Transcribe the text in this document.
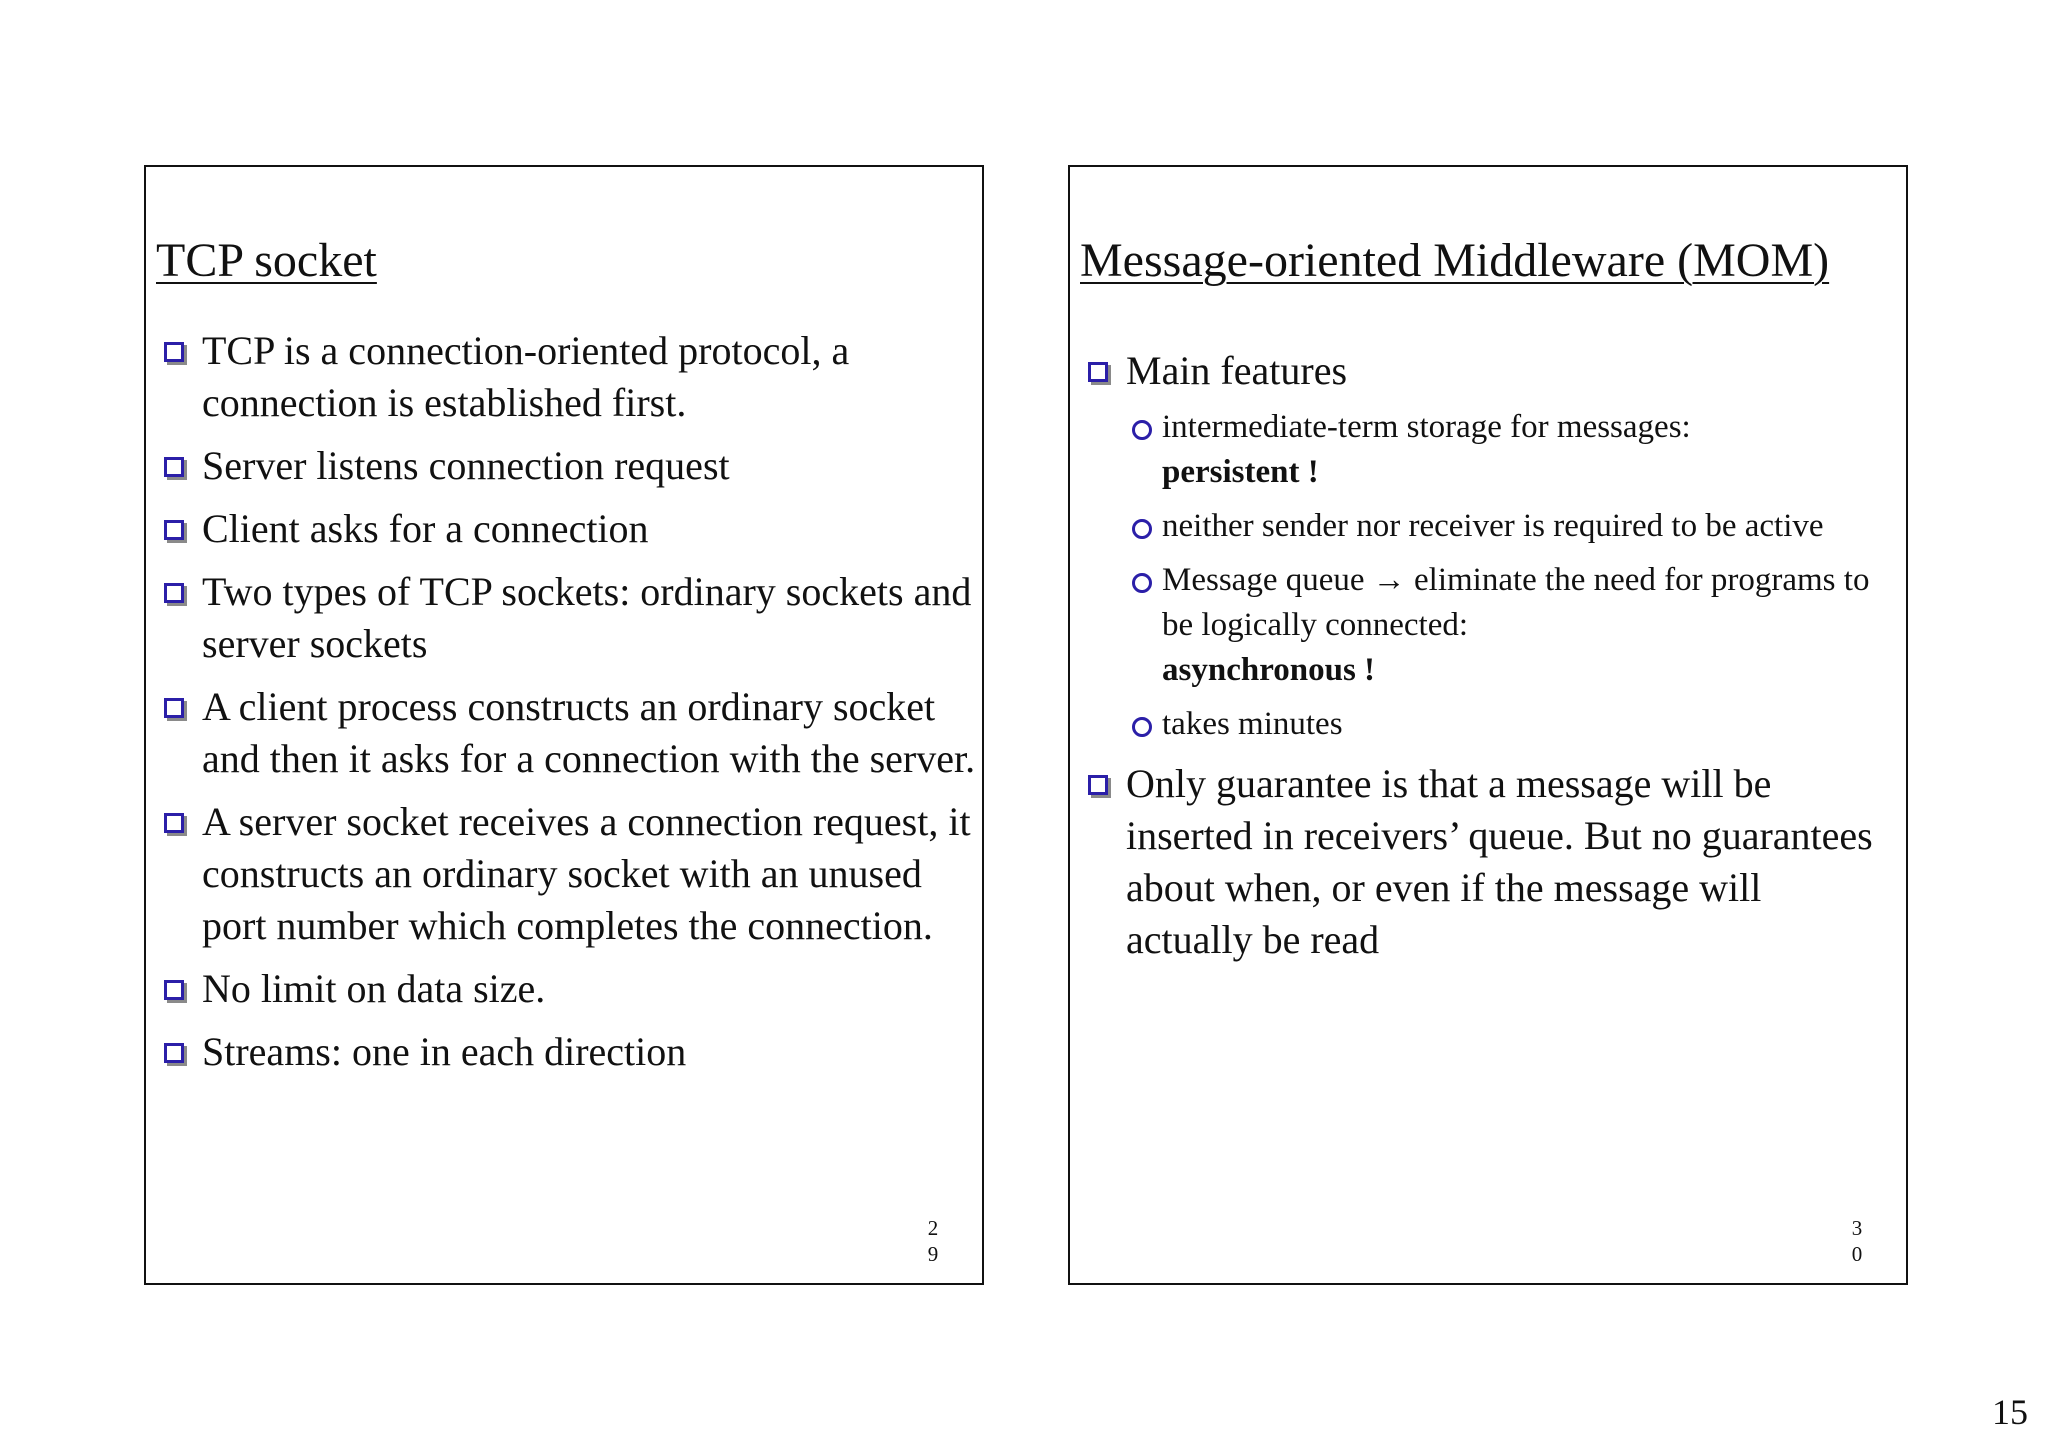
TCP socket
TCP is a connection-oriented protocol, a connection is established first.
Server listens connection request
Client asks for a connection
Two types of TCP sockets: ordinary sockets and server sockets
A client process constructs an ordinary socket and then it asks for a connection with the server.
A server socket receives a connection request, it constructs an ordinary socket with an unused port number which completes the connection.
No limit on data size.
Streams: one in each direction
2
9
Message-oriented Middleware (MOM)
Main features
intermediate-term storage for messages:
persistent !
neither sender nor receiver is required to be active
Message queue → eliminate the need for programs to be logically connected:
asynchronous !
takes minutes
Only guarantee is that a message will be inserted in receivers’ queue. But no guarantees about when, or even if the message will actually be read
3
0
15
